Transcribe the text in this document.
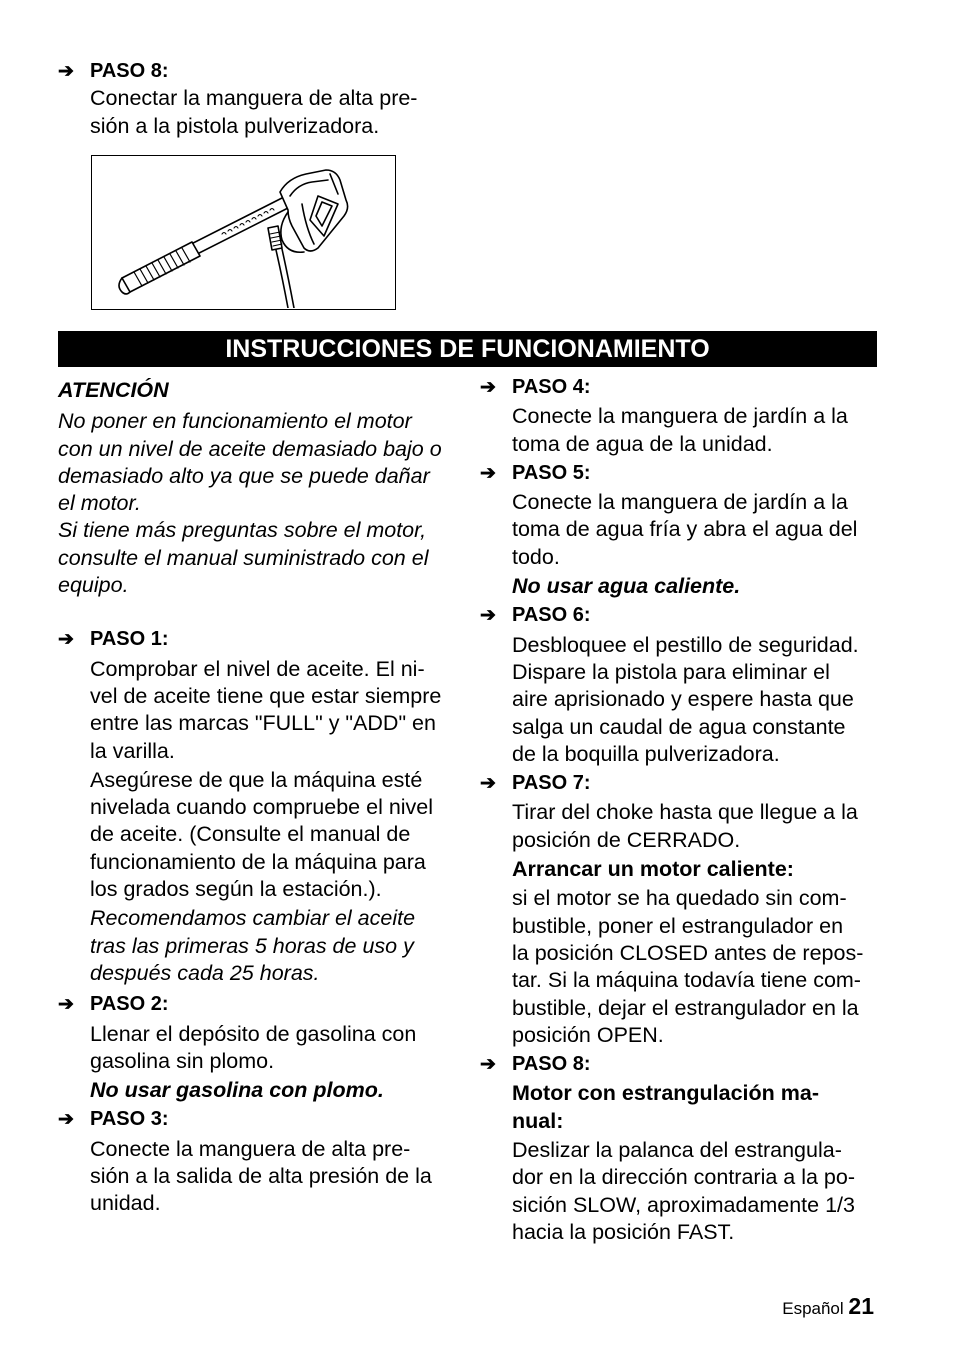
➔ PASO 8:
Conectar la manguera de alta pre-
sión a la pistola pulverizadora.
INSTRUCCIONES DE FUNCIONAMIENTO
ATENCIÓN
No poner en funcionamiento el motor
con un nivel de aceite demasiado bajo o
demasiado alto ya que se puede dañar
el motor.
Si tiene más preguntas sobre el motor,
consulte el manual suministrado con el
equipo.
➔ PASO 1:
Comprobar el nivel de aceite. El ni-
vel de aceite tiene que estar siempre
entre las marcas "FULL" y "ADD" en
la varilla.
Asegúrese de que la máquina esté
nivelada cuando compruebe el nivel
de aceite. (Consulte el manual de
funcionamiento de la máquina para
los grados según la estación.).
Recomendamos cambiar el aceite
tras las primeras 5 horas de uso y
después cada 25 horas.
➔ PASO 2:
Llenar el depósito de gasolina con
gasolina sin plomo.
No usar gasolina con plomo.
➔ PASO 3:
Conecte la manguera de alta pre-
sión a la salida de alta presión de la
unidad.
➔ PASO 4:
Conecte la manguera de jardín a la
toma de agua de la unidad.
➔ PASO 5:
Conecte la manguera de jardín a la
toma de agua fría y abra el agua del
todo.
No usar agua caliente.
➔ PASO 6:
Desbloquee el pestillo de seguridad.
Dispare la pistola para eliminar el
aire aprisionado y espere hasta que
salga un caudal de agua constante
de la boquilla pulverizadora.
➔ PASO 7:
Tirar del choke hasta que llegue a la
posición de CERRADO.
Arrancar un motor caliente:
si el motor se ha quedado sin com-
bustible, poner el estrangulador en
la posición CLOSED antes de repos-
tar. Si la máquina todavía tiene com-
bustible, dejar el estrangulador en la
posición OPEN.
➔ PASO 8:
Motor con estrangulación ma-
nual:
Deslizar la palanca del estrangula-
dor en la dirección contraria a la po-
sición SLOW, aproximadamente 1/3
hacia la posición FAST.
Español 21
